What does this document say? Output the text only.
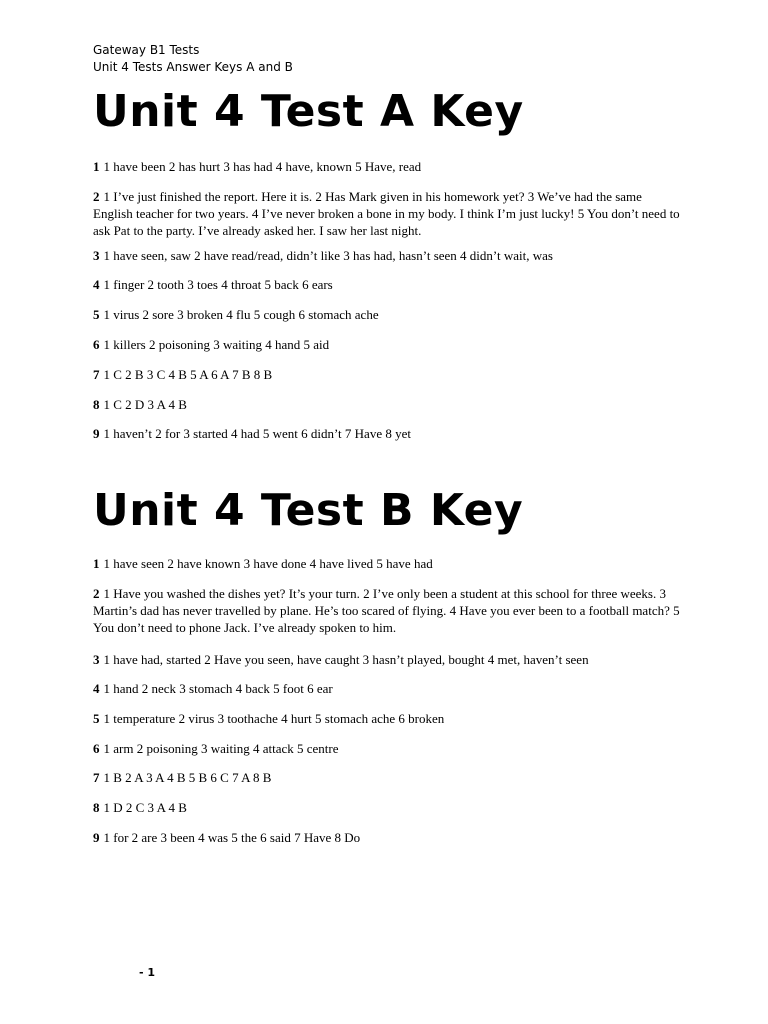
Gateway B1 Tests
Unit 4 Tests Answer Keys A and B
Unit 4 Test A Key
1 1 have been 2 has hurt 3 has had 4 have, known 5 Have, read
2 1 I’ve just finished the report. Here it is. 2 Has Mark given in his homework yet? 3 We’ve had the same English teacher for two years. 4 I’ve never broken a bone in my body. I think I’m just lucky! 5 You don’t need to ask Pat to the party. I’ve already asked her. I saw her last night.
3 1 have seen, saw 2 have read/read, didn’t like 3 has had, hasn’t seen 4 didn’t wait, was
4 1 finger 2 tooth 3 toes 4 throat 5 back 6 ears
5 1 virus 2 sore 3 broken 4 flu 5 cough 6 stomach ache
6 1 killers 2 poisoning 3 waiting 4 hand 5 aid
7 1 C 2 B 3 C 4 B 5 A 6 A 7 B 8 B
8 1 C 2 D 3 A 4 B
9 1 haven’t 2 for 3 started 4 had 5 went 6 didn’t 7 Have 8 yet
Unit 4 Test B Key
1 1 have seen 2 have known 3 have done 4 have lived 5 have had
2 1 Have you washed the dishes yet? It’s your turn. 2 I’ve only been a student at this school for three weeks. 3 Martin’s dad has never travelled by plane. He’s too scared of flying. 4 Have you ever been to a football match? 5 You don’t need to phone Jack. I’ve already spoken to him.
3 1 have had, started 2 Have you seen, have caught 3 hasn’t played, bought 4 met, haven’t seen
4 1 hand 2 neck 3 stomach 4 back 5 foot 6 ear
5 1 temperature 2 virus 3 toothache 4 hurt 5 stomach ache 6 broken
6 1 arm 2 poisoning 3 waiting 4 attack 5 centre
7 1 B 2 A 3 A 4 B 5 B 6 C 7 A 8 B
8 1 D 2 C 3 A 4 B
9 1 for 2 are 3 been 4 was 5 the 6 said 7 Have 8 Do
- 1
